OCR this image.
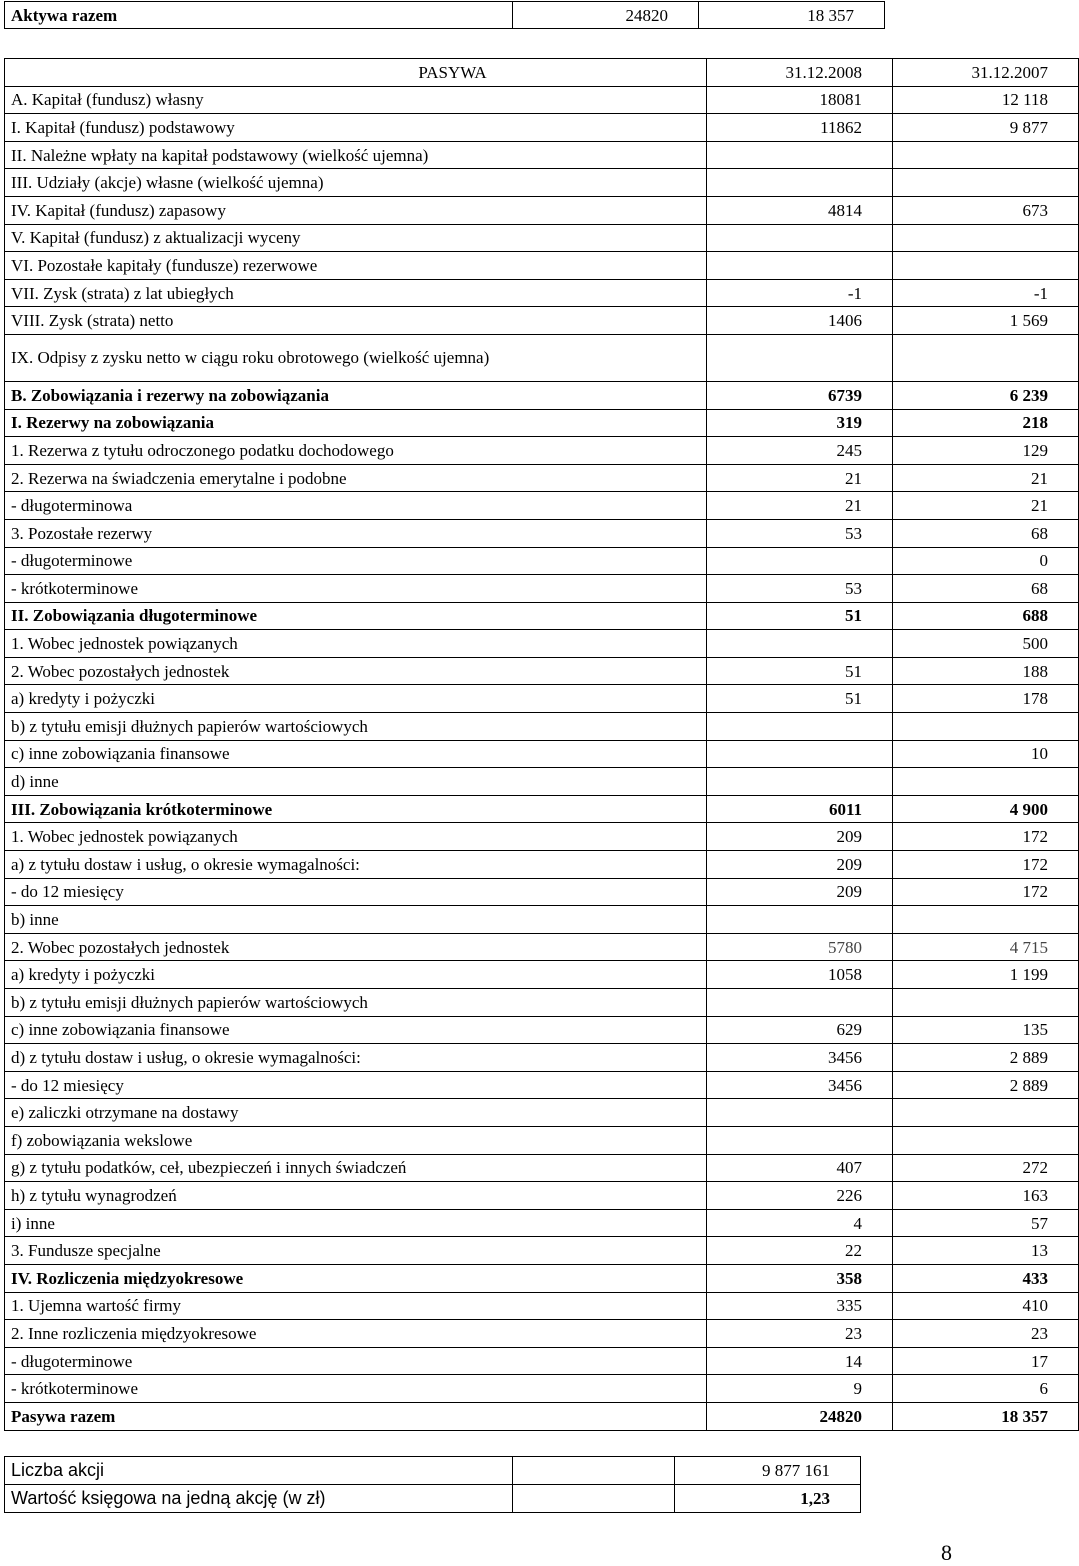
Aktywa razem	24820	18 357
PASYWA	31.12.2008	31.12.2007
A. Kapitał (fundusz) własny	18081	12 118
I. Kapitał (fundusz) podstawowy	11862	9 877
II. Należne wpłaty na kapitał podstawowy (wielkość ujemna)		
III. Udziały (akcje) własne (wielkość ujemna)		
IV. Kapitał (fundusz) zapasowy	4814	673
V. Kapitał (fundusz) z aktualizacji wyceny		
VI. Pozostałe kapitały (fundusze) rezerwowe		
VII. Zysk (strata) z lat ubiegłych	-1	-1
VIII. Zysk (strata) netto	1406	1 569
IX. Odpisy z zysku netto w ciągu roku obrotowego (wielkość ujemna)		
B. Zobowiązania i rezerwy na zobowiązania	6739	6 239
I. Rezerwy na zobowiązania	319	218
1. Rezerwa z tytułu odroczonego podatku dochodowego	245	129
2. Rezerwa na świadczenia emerytalne i podobne	21	21
- długoterminowa	21	21
3. Pozostałe rezerwy	53	68
- długoterminowe		0
- krótkoterminowe	53	68
II. Zobowiązania długoterminowe	51	688
1. Wobec jednostek powiązanych		500
2. Wobec pozostałych jednostek	51	188
a) kredyty i pożyczki	51	178
b) z tytułu emisji dłużnych papierów wartościowych		
c) inne zobowiązania finansowe		10
d) inne		
III. Zobowiązania krótkoterminowe	6011	4 900
1. Wobec jednostek powiązanych	209	172
a) z tytułu dostaw i usług, o okresie wymagalności:	209	172
- do 12 miesięcy	209	172
b) inne		
2. Wobec pozostałych jednostek	5780	4 715
a) kredyty i pożyczki	1058	1 199
b) z tytułu emisji dłużnych papierów wartościowych		
c) inne zobowiązania finansowe	629	135
d) z tytułu dostaw i usług, o okresie wymagalności:	3456	2 889
- do 12 miesięcy	3456	2 889
e) zaliczki otrzymane na dostawy		
f) zobowiązania wekslowe		
g) z tytułu podatków, ceł, ubezpieczeń i innych świadczeń	407	272
h) z tytułu wynagrodzeń	226	163
i) inne	4	57
3. Fundusze specjalne	22	13
IV. Rozliczenia międzyokresowe	358	433
1. Ujemna wartość firmy	335	410
2. Inne rozliczenia międzyokresowe	23	23
- długoterminowe	14	17
- krótkoterminowe	9	6
Pasywa razem	24820	18 357
Liczba akcji		9 877 161
Wartość księgowa na jedną akcję (w zł)		1,23
8
